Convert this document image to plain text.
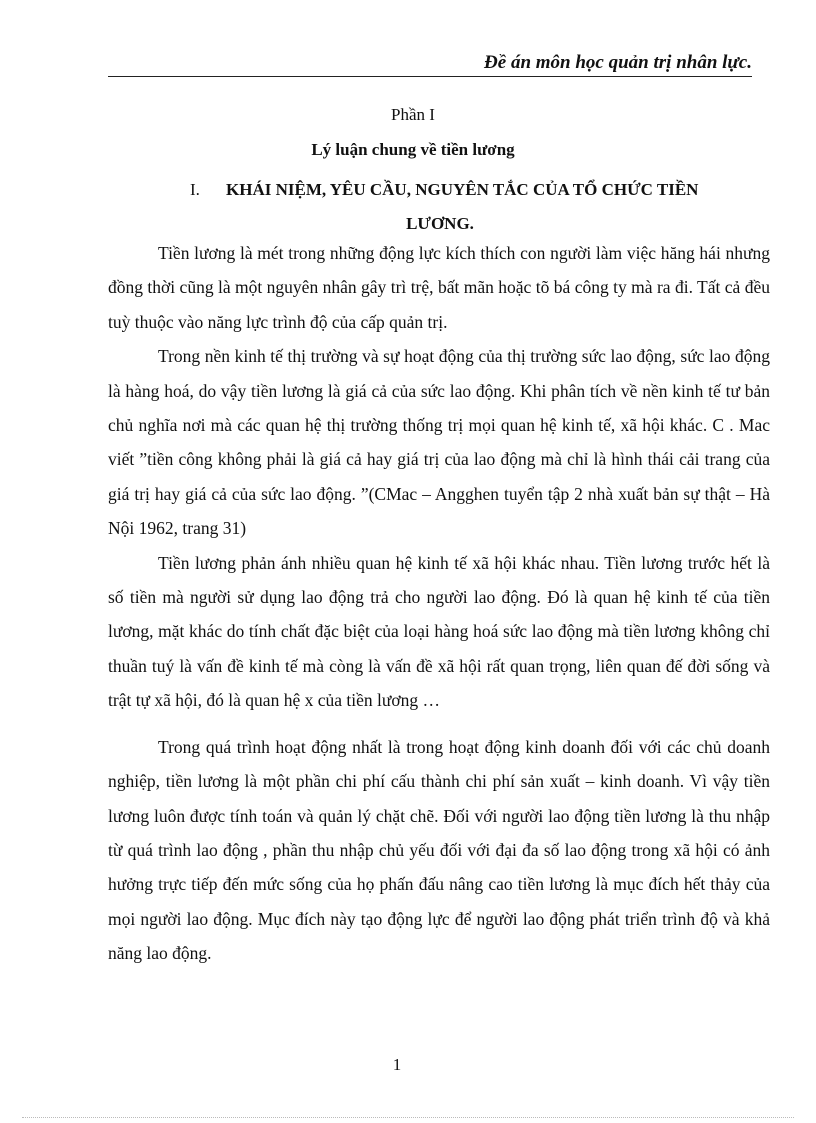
Đề án môn học quản trị nhân lực.
Phần I
Lý luận chung về tiền lương
I. KHÁI NIỆM, YÊU CẦU, NGUYÊN TẮC CỦA TỔ CHỨC TIỀN
LƯƠNG.

Tiền lương là mét trong những động lực kích thích con người làm việc hăng hái nhưng đồng thời cũng là một nguyên nhân gây trì trệ, bất mãn hoặc tõ bá công ty mà ra đi. Tất cả đều tuỳ thuộc vào năng lực trình độ của cấp quản trị.

Trong nền kinh tế thị trường và sự hoạt động của thị trường sức lao động, sức lao động là hàng hoá, do vậy tiền lương là giá cả của sức lao động. Khi phân tích về nền kinh tế tư bản chủ nghĩa nơi mà các quan hệ thị trường thống trị mọi quan hệ kinh tế, xã hội khác. C . Mac viết ”tiền công không phải là giá cả hay giá trị của lao động mà chỉ là hình thái cải trang của giá trị hay giá cả của sức lao động. ”(CMac – Angghen tuyển tập 2 nhà xuất bản sự thật – Hà Nội 1962, trang 31)

Tiền lương phản ánh nhiều quan hệ kinh tế xã hội khác nhau. Tiền lương trước hết là số tiền mà người sử dụng lao động trả cho người lao động. Đó là quan hệ kinh tế của tiền lương, mặt khác do tính chất đặc biệt của loại hàng hoá sức lao động mà tiền lương không chỉ thuần tuý là vấn đề kinh tế mà còng là vấn đề xã hội rất quan trọng, liên quan đế đời sống và trật tự xã hội, đó là quan hệ x của tiền lương …

Trong quá trình hoạt động nhất là trong hoạt động kinh doanh đối với các chủ doanh nghiệp, tiền lương là một phần chi phí cấu thành chi phí sản xuất – kinh doanh. Vì vậy tiền lương luôn được tính toán và quản lý chặt chẽ. Đối với người lao động tiền lương là thu nhập từ quá trình lao động , phần thu nhập chủ yếu đối với đại đa số lao động trong xã hội có ảnh hưởng trực tiếp đến mức sống của họ phấn đấu nâng cao tiền lương là mục đích hết thảy của mọi người lao động. Mục đích này tạo động lực để người lao động phát triển trình độ và khả năng lao động.

1
